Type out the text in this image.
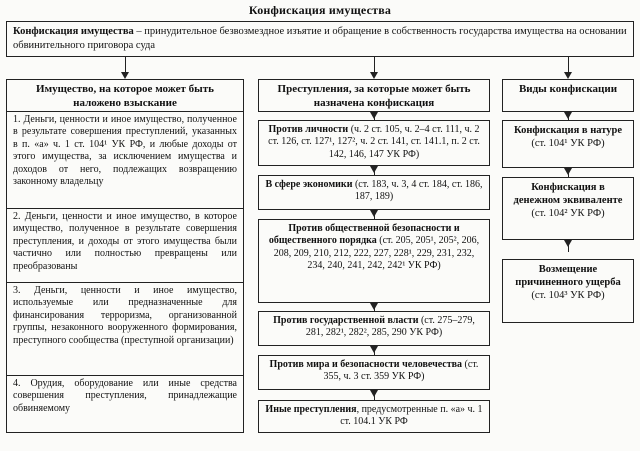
Конфискация имущества
Конфискация имущества – принудительное безвозмездное изъятие и обращение в собственность государства имущества на основании обвинительного приговора суда
Имущество, на которое может быть наложено взыскание
1. Деньги, ценности и иное имущество, полученное в результате совершения преступлений, указанных в п. «а» ч. 1 ст. 104¹ УК РФ, и любые доходы от этого имущества, за исключением имущества и доходов от него, подлежащих возвращению законному владельцу
2. Деньги, ценности и иное имущество, в которое имущество, полученное в результате совершения преступления, и доходы от этого имущества были частично или полностью превращены или преобразованы
3. Деньги, ценности и иное имущество, используемые или предназначенные для финансирования терроризма, организованной группы, незаконного вооруженного формирования, преступного сообщества (преступной организации)
4. Орудия, оборудование или иные средства совершения преступления, принадлежащие обвиняемому
Преступления, за которые может быть назначена конфискация
Против личности (ч. 2 ст. 105, ч. 2–4 ст. 111, ч. 2 ст. 126, ст. 127¹, 127², ч. 2 ст. 141, ст. 141.1, п. 2 ст. 142, 146, 147 УК РФ)
В сфере экономики (ст. 183, ч. 3, 4 ст. 184, ст. 186, 187, 189)
Против общественной безопасности и общественного порядка (ст. 205, 205¹, 205², 206, 208, 209, 210, 212, 222, 227, 228¹, 229, 231, 232, 234, 240, 241, 242, 242¹ УК РФ)
Против государственной власти (ст. 275–279, 281, 282¹, 282², 285, 290 УК РФ)
Против мира и безопасности человечества (ст. 355, ч. 3 ст. 359 УК РФ)
Иные преступления, предусмотренные п. «а» ч. 1 ст. 104.1 УК РФ
Виды конфискации
Конфискация в натуре
(ст. 104¹ УК РФ)
Конфискация в денежном эквиваленте
(ст. 104² УК РФ)
Возмещение причиненного ущерба
(ст. 104³ УК РФ)
